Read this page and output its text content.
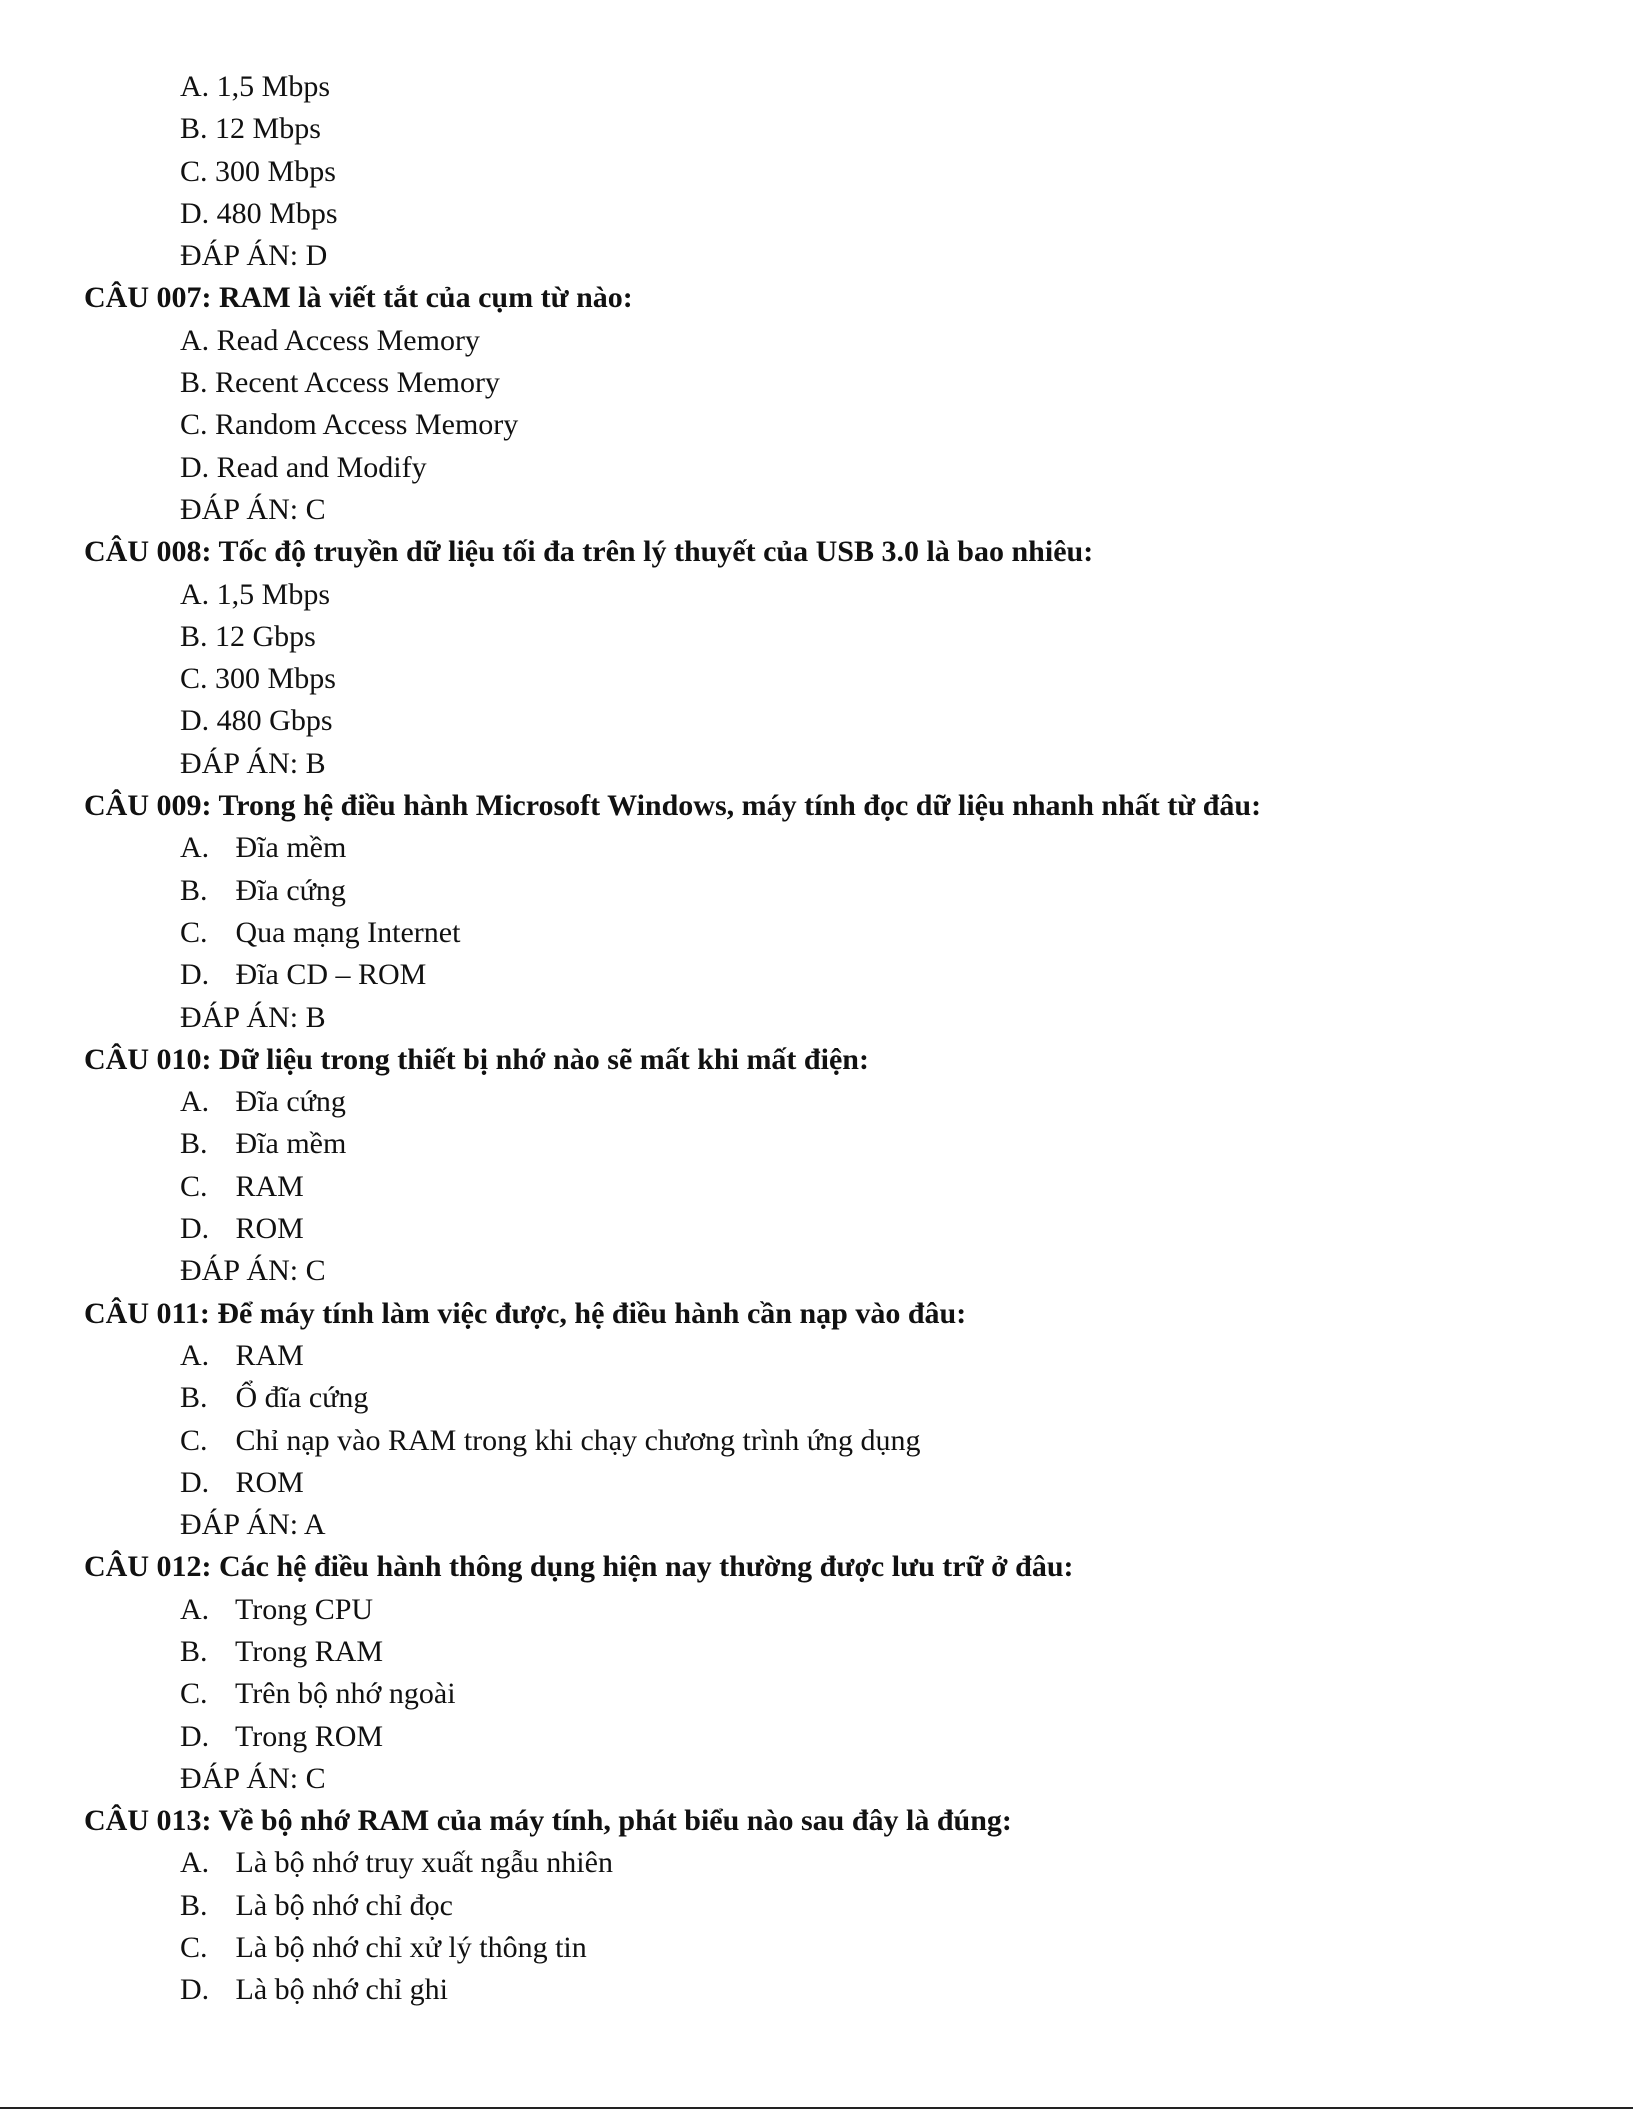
A. 1,5 Mbps
B. 12 Mbps
C. 300 Mbps
D. 480 Mbps
ĐÁP ÁN: D
CÂU 007: RAM là viết tắt của cụm từ nào:
A. Read Access Memory
B. Recent Access Memory
C. Random Access Memory
D. Read and Modify
ĐÁP ÁN: C
CÂU 008: Tốc độ truyền dữ liệu tối đa trên lý thuyết của USB 3.0 là bao nhiêu:
A. 1,5 Mbps
B. 12 Gbps
C. 300 Mbps
D. 480 Gbps
ĐÁP ÁN: B
CÂU 009: Trong hệ điều hành Microsoft Windows, máy tính đọc dữ liệu nhanh nhất từ đâu:
A. Đĩa mềm
B. Đĩa cứng
C. Qua mạng Internet
D. Đĩa CD – ROM
ĐÁP ÁN: B
CÂU 010: Dữ liệu trong thiết bị nhớ nào sẽ mất khi mất điện:
A. Đĩa cứng
B. Đĩa mềm
C. RAM
D. ROM
ĐÁP ÁN: C
CÂU 011: Để máy tính làm việc được, hệ điều hành cần nạp vào đâu:
A. RAM
B. Ổ đĩa cứng
C. Chỉ nạp vào RAM trong khi chạy chương trình ứng dụng
D. ROM
ĐÁP ÁN: A
CÂU 012: Các hệ điều hành thông dụng hiện nay thường được lưu trữ ở đâu:
A. Trong CPU
B. Trong RAM
C. Trên bộ nhớ ngoài
D. Trong ROM
ĐÁP ÁN: C
CÂU 013: Về bộ nhớ RAM của máy tính, phát biểu nào sau đây là đúng:
A. Là bộ nhớ truy xuất ngẫu nhiên
B. Là bộ nhớ chỉ đọc
C. Là bộ nhớ chỉ xử lý thông tin
D. Là bộ nhớ chỉ ghi
